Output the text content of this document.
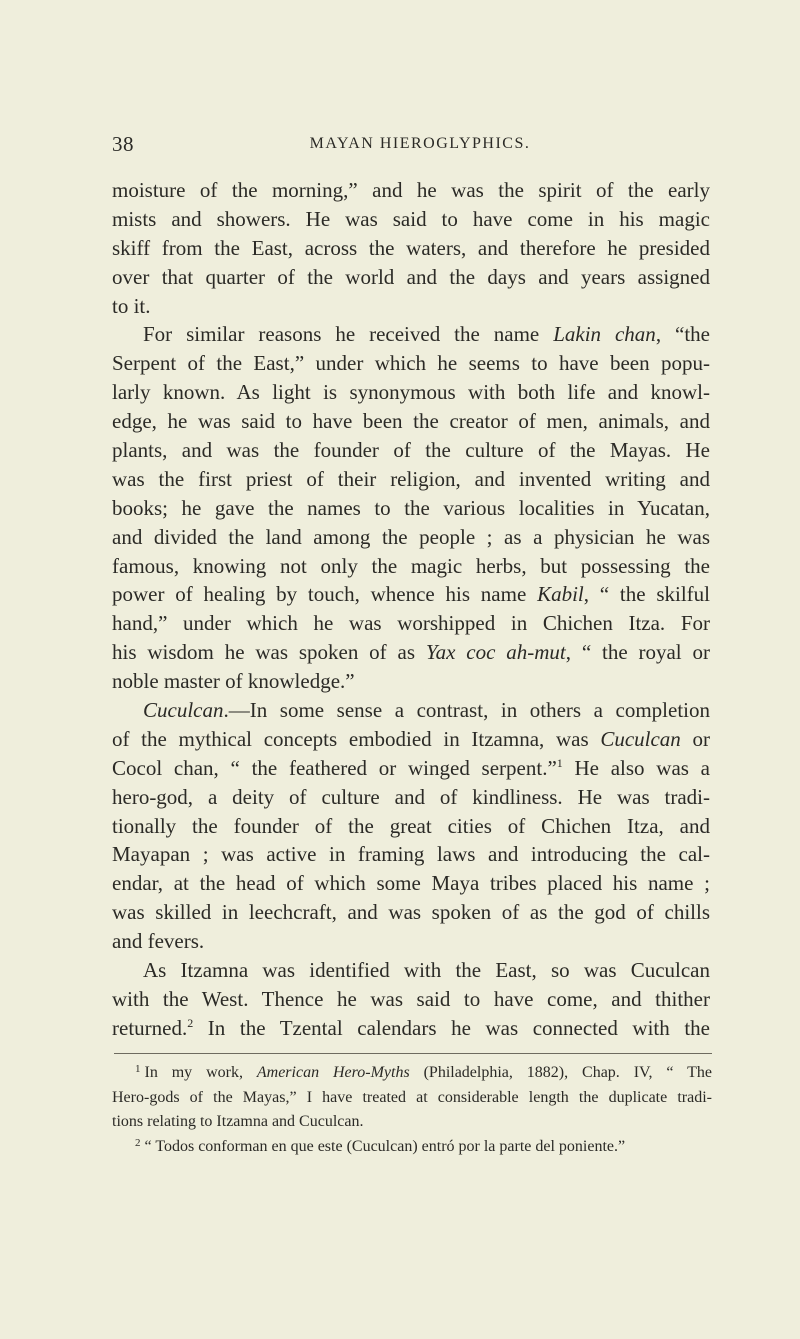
38	MAYAN HIEROGLYPHICS.
moisture of the morning,” and he was the spirit of the early
mists and showers. He was said to have come in his magic
skiff from the East, across the waters, and therefore he presided
over that quarter of the world and the days and years assigned
to it.
For similar reasons he received the name Lakin chan, “the
Serpent of the East,” under which he seems to have been popu-
larly known. As light is synonymous with both life and knowl-
edge, he was said to have been the creator of men, animals, and
plants, and was the founder of the culture of the Mayas. He
was the first priest of their religion, and invented writing and
books; he gave the names to the various localities in Yucatan,
and divided the land among the people ; as a physician he was
famous, knowing not only the magic herbs, but possessing the
power of healing by touch, whence his name Kabil, “ the skilful
hand,” under which he was worshipped in Chichen Itza. For
his wisdom he was spoken of as Yax coc ah-mut, “ the royal or
noble master of knowledge.”
Cuculcan.—In some sense a contrast, in others a completion
of the mythical concepts embodied in Itzamna, was Cuculcan or
Cocol chan, “ the feathered or winged serpent.”$^1$ He also was a
hero-god, a deity of culture and of kindliness. He was tradi-
tionally the founder of the great cities of Chichen Itza, and
Mayapan ; was active in framing laws and introducing the cal-
endar, at the head of which some Maya tribes placed his name ;
was skilled in leechcraft, and was spoken of as the god of chills
and fevers.
As Itzamna was identified with the East, so was Cuculcan
with the West. Thence he was said to have come, and thither
returned.$^2$ In the Tzental calendars he was connected with the
$^1$ In my work, American Hero-Myths (Philadelphia, 1882), Chap. IV, “ The
Hero-gods of the Mayas,” I have treated at considerable length the duplicate tradi-
tions relating to Itzamna and Cuculcan.
$^2$ “ Todos conforman en que este (Cuculcan) entró por la parte del poniente.”
